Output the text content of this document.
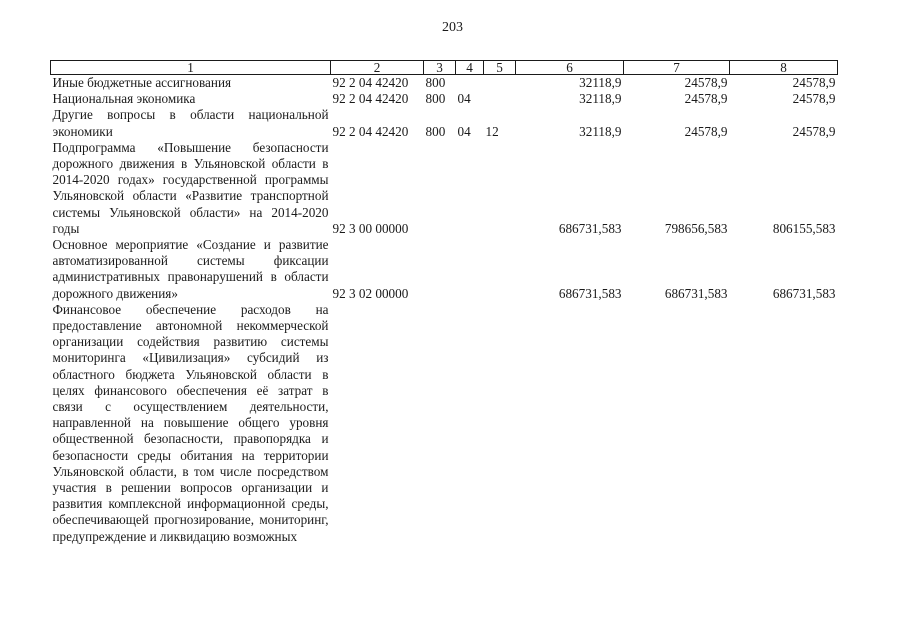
203
1	2	3	4	5	6	7	8
Иные бюджетные ассигнования	92 2 04 42420	800			32118,9	24578,9	24578,9
Национальная экономика	92 2 04 42420	800	04		32118,9	24578,9	24578,9
Другие вопросы в области национальной экономики	92 2 04 42420	800	04	12	32118,9	24578,9	24578,9
Подпрограмма «Повышение безопасности дорожного движения в Ульяновской области в 2014-2020 годах» государственной программы Ульяновской области «Развитие транспортной системы Ульяновской области» на 2014-2020 годы	92 3 00 00000				686731,583	798656,583	806155,583
Основное мероприятие «Создание и развитие автоматизированной системы фиксации административных правонарушений в области дорожного движения»	92 3 02 00000				686731,583	686731,583	686731,583
Финансовое обеспечение расходов на предоставление автономной некоммерческой организации содействия развитию системы мониторинга «Цивилизация» субсидий из областного бюджета Ульяновской области в целях финансового обеспечения её затрат в связи с осуществлением деятельности, направленной на повышение общего уровня общественной безопасности, правопорядка и безопасности среды обитания на территории Ульяновской области, в том числе посредством участия в решении вопросов организации и развития комплексной информационной среды, обеспечивающей прогнозирование, мониторинг, предупреждение и ликвидацию возможных							
